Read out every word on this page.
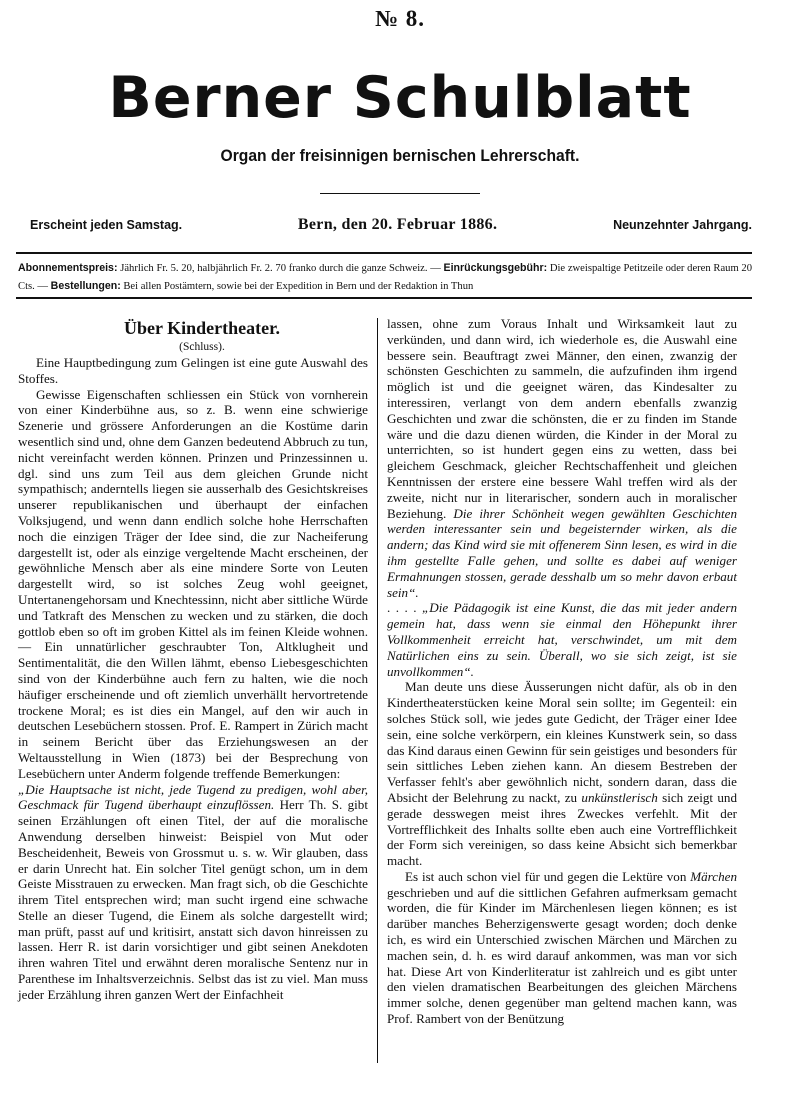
№ 8.
Berner Schulblatt
Organ der freisinnigen bernischen Lehrerschaft.
Erscheint jeden Samstag.	Bern, den 20. Februar 1886.	Neunzehnter Jahrgang.
Abonnementspreis: Jährlich Fr. 5. 20, halbjährlich Fr. 2. 70 franko durch die ganze Schweiz. — Einrückungsgebühr: Die zweispaltige Petitzeile oder deren Raum 20 Cts. — Bestellungen: Bei allen Postämtern, sowie bei der Expedition in Bern und der Redaktion in Thun

Über Kindertheater.

(Schluss).

Eine Hauptbedingung zum Gelingen ist eine gute Auswahl des Stoffes.

Gewisse Eigenschaften schliessen ein Stück von vornherein von einer Kinderbühne aus, so z. B. wenn eine schwierige Szenerie und grössere Anforderungen an die Kostüme darin wesentlich sind und, ohne dem Ganzen bedeutend Abbruch zu tun, nicht vereinfacht werden können. Prinzen und Prinzessinnen u. dgl. sind uns zum Teil aus dem gleichen Grunde nicht sympathisch; anderntells liegen sie ausserhalb des Gesichtskreises unserer republikanischen und überhaupt der einfachen Volksjugend, und wenn dann endlich solche hohe Herrschaften noch die einzigen Träger der Idee sind, die zur Nacheiferung dargestellt ist, oder als einzige vergeltende Macht erscheinen, der gewöhnliche Mensch aber als eine mindere Sorte von Leuten dargestellt wird, so ist solches Zeug wohl geeignet, Untertanengehorsam und Knechtessinn, nicht aber sittliche Würde und Tatkraft des Menschen zu wecken und zu stärken, die doch gottlob eben so oft im groben Kittel als im feinen Kleide wohnen. — Ein unnatürlicher geschraubter Ton, Altklugheit und Sentimentalität, die den Willen lähmt, ebenso Liebesgeschichten sind von der Kinderbühne auch fern zu halten, wie die noch häufiger erscheinende und oft ziemlich unverhällt hervortretende trockene Moral; es ist dies ein Mangel, auf den wir auch in deutschen Lesebüchern stossen. Prof. E. Rampert in Zürich macht in seinem Bericht über das Erziehungswesen an der Weltausstellung in Wien (1873) bei der Besprechung von Lesebüchern unter Anderm folgende treffende Bemerkungen:

„Die Hauptsache ist nicht, jede Tugend zu predigen, wohl aber, Geschmack für Tugend überhaupt einzuflössen. Herr Th. S. gibt seinen Erzählungen oft einen Titel, der auf die moralische Anwendung derselben hinweist: Beispiel von Mut oder Bescheidenheit, Beweis von Grossmut u. s. w. Wir glauben, dass er darin Unrecht hat. Ein solcher Titel genügt schon, um in dem Geiste Misstrauen zu erwecken. Man fragt sich, ob die Geschichte ihrem Titel entsprechen wird; man sucht irgend eine schwache Stelle an dieser Tugend, die Einem als solche dargestellt wird; man prüft, passt auf und kritisirt, anstatt sich davon hinreissen zu lassen. Herr R. ist darin vorsichtiger und gibt seinen Anekdoten ihren wahren Titel und erwähnt deren moralische Sentenz nur in Parenthese im Inhaltsverzeichnis. Selbst das ist zu viel. Man muss jeder Erzählung ihren ganzen Wert der Einfachheit

lassen, ohne zum Voraus Inhalt und Wirksamkeit laut zu verkünden, und dann wird, ich wiederhole es, die Auswahl eine bessere sein. Beauftragt zwei Männer, den einen, zwanzig der schönsten Geschichten zu sammeln, die aufzufinden ihm irgend möglich ist und die geeignet wären, das Kindesalter zu interessiren, verlangt von dem andern ebenfalls zwanzig Geschichten und zwar die schönsten, die er zu finden im Stande wäre und die dazu dienen würden, die Kinder in der Moral zu unterrichten, so ist hundert gegen eins zu wetten, dass bei gleichem Geschmack, gleicher Rechtschaffenheit und gleichen Kenntnissen der erstere eine bessere Wahl treffen wird als der zweite, nicht nur in literarischer, sondern auch in moralischer Beziehung. Die ihrer Schönheit wegen gewählten Geschichten werden interessanter sein und begeisternder wirken, als die andern; das Kind wird sie mit offenerem Sinn lesen, es wird in die ihm gestellte Falle gehen, und sollte es dabei auf weniger Ermahnungen stossen, gerade desshalb um so mehr davon erbaut sein“.

. . . . „Die Pädagogik ist eine Kunst, die das mit jeder andern gemein hat, dass wenn sie einmal den Höhepunkt ihrer Vollkommenheit erreicht hat, verschwindet, um mit dem Natürlichen eins zu sein. Überall, wo sie sich zeigt, ist sie unvollkommen“.

Man deute uns diese Äusserungen nicht dafür, als ob in den Kindertheaterstücken keine Moral sein sollte; im Gegenteil: ein solches Stück soll, wie jedes gute Gedicht, der Träger einer Idee sein, eine solche verkörpern, ein kleines Kunstwerk sein, so dass das Kind daraus einen Gewinn für sein geistiges und besonders für sein sittliches Leben ziehen kann. An diesem Bestreben der Verfasser fehlt's aber gewöhnlich nicht, sondern daran, dass die Absicht der Belehrung zu nackt, zu unkünstlerisch sich zeigt und gerade desswegen meist ihres Zweckes verfehlt. Mit der Vortrefflichkeit des Inhalts sollte eben auch eine Vortrefflichkeit der Form sich vereinigen, so dass keine Absicht sich bemerkbar macht.

Es ist auch schon viel für und gegen die Lektüre von Märchen geschrieben und auf die sittlichen Gefahren aufmerksam gemacht worden, die für Kinder im Märchenlesen liegen können; es ist darüber manches Beherzigenswerte gesagt worden; doch denke ich, es wird ein Unterschied zwischen Märchen und Märchen zu machen sein, d. h. es wird darauf ankommen, was man vor sich hat. Diese Art von Kinderliteratur ist zahlreich und es gibt unter den vielen dramatischen Bearbeitungen des gleichen Märchens immer solche, denen gegenüber man geltend machen kann, was Prof. Rambert von der Benützung
